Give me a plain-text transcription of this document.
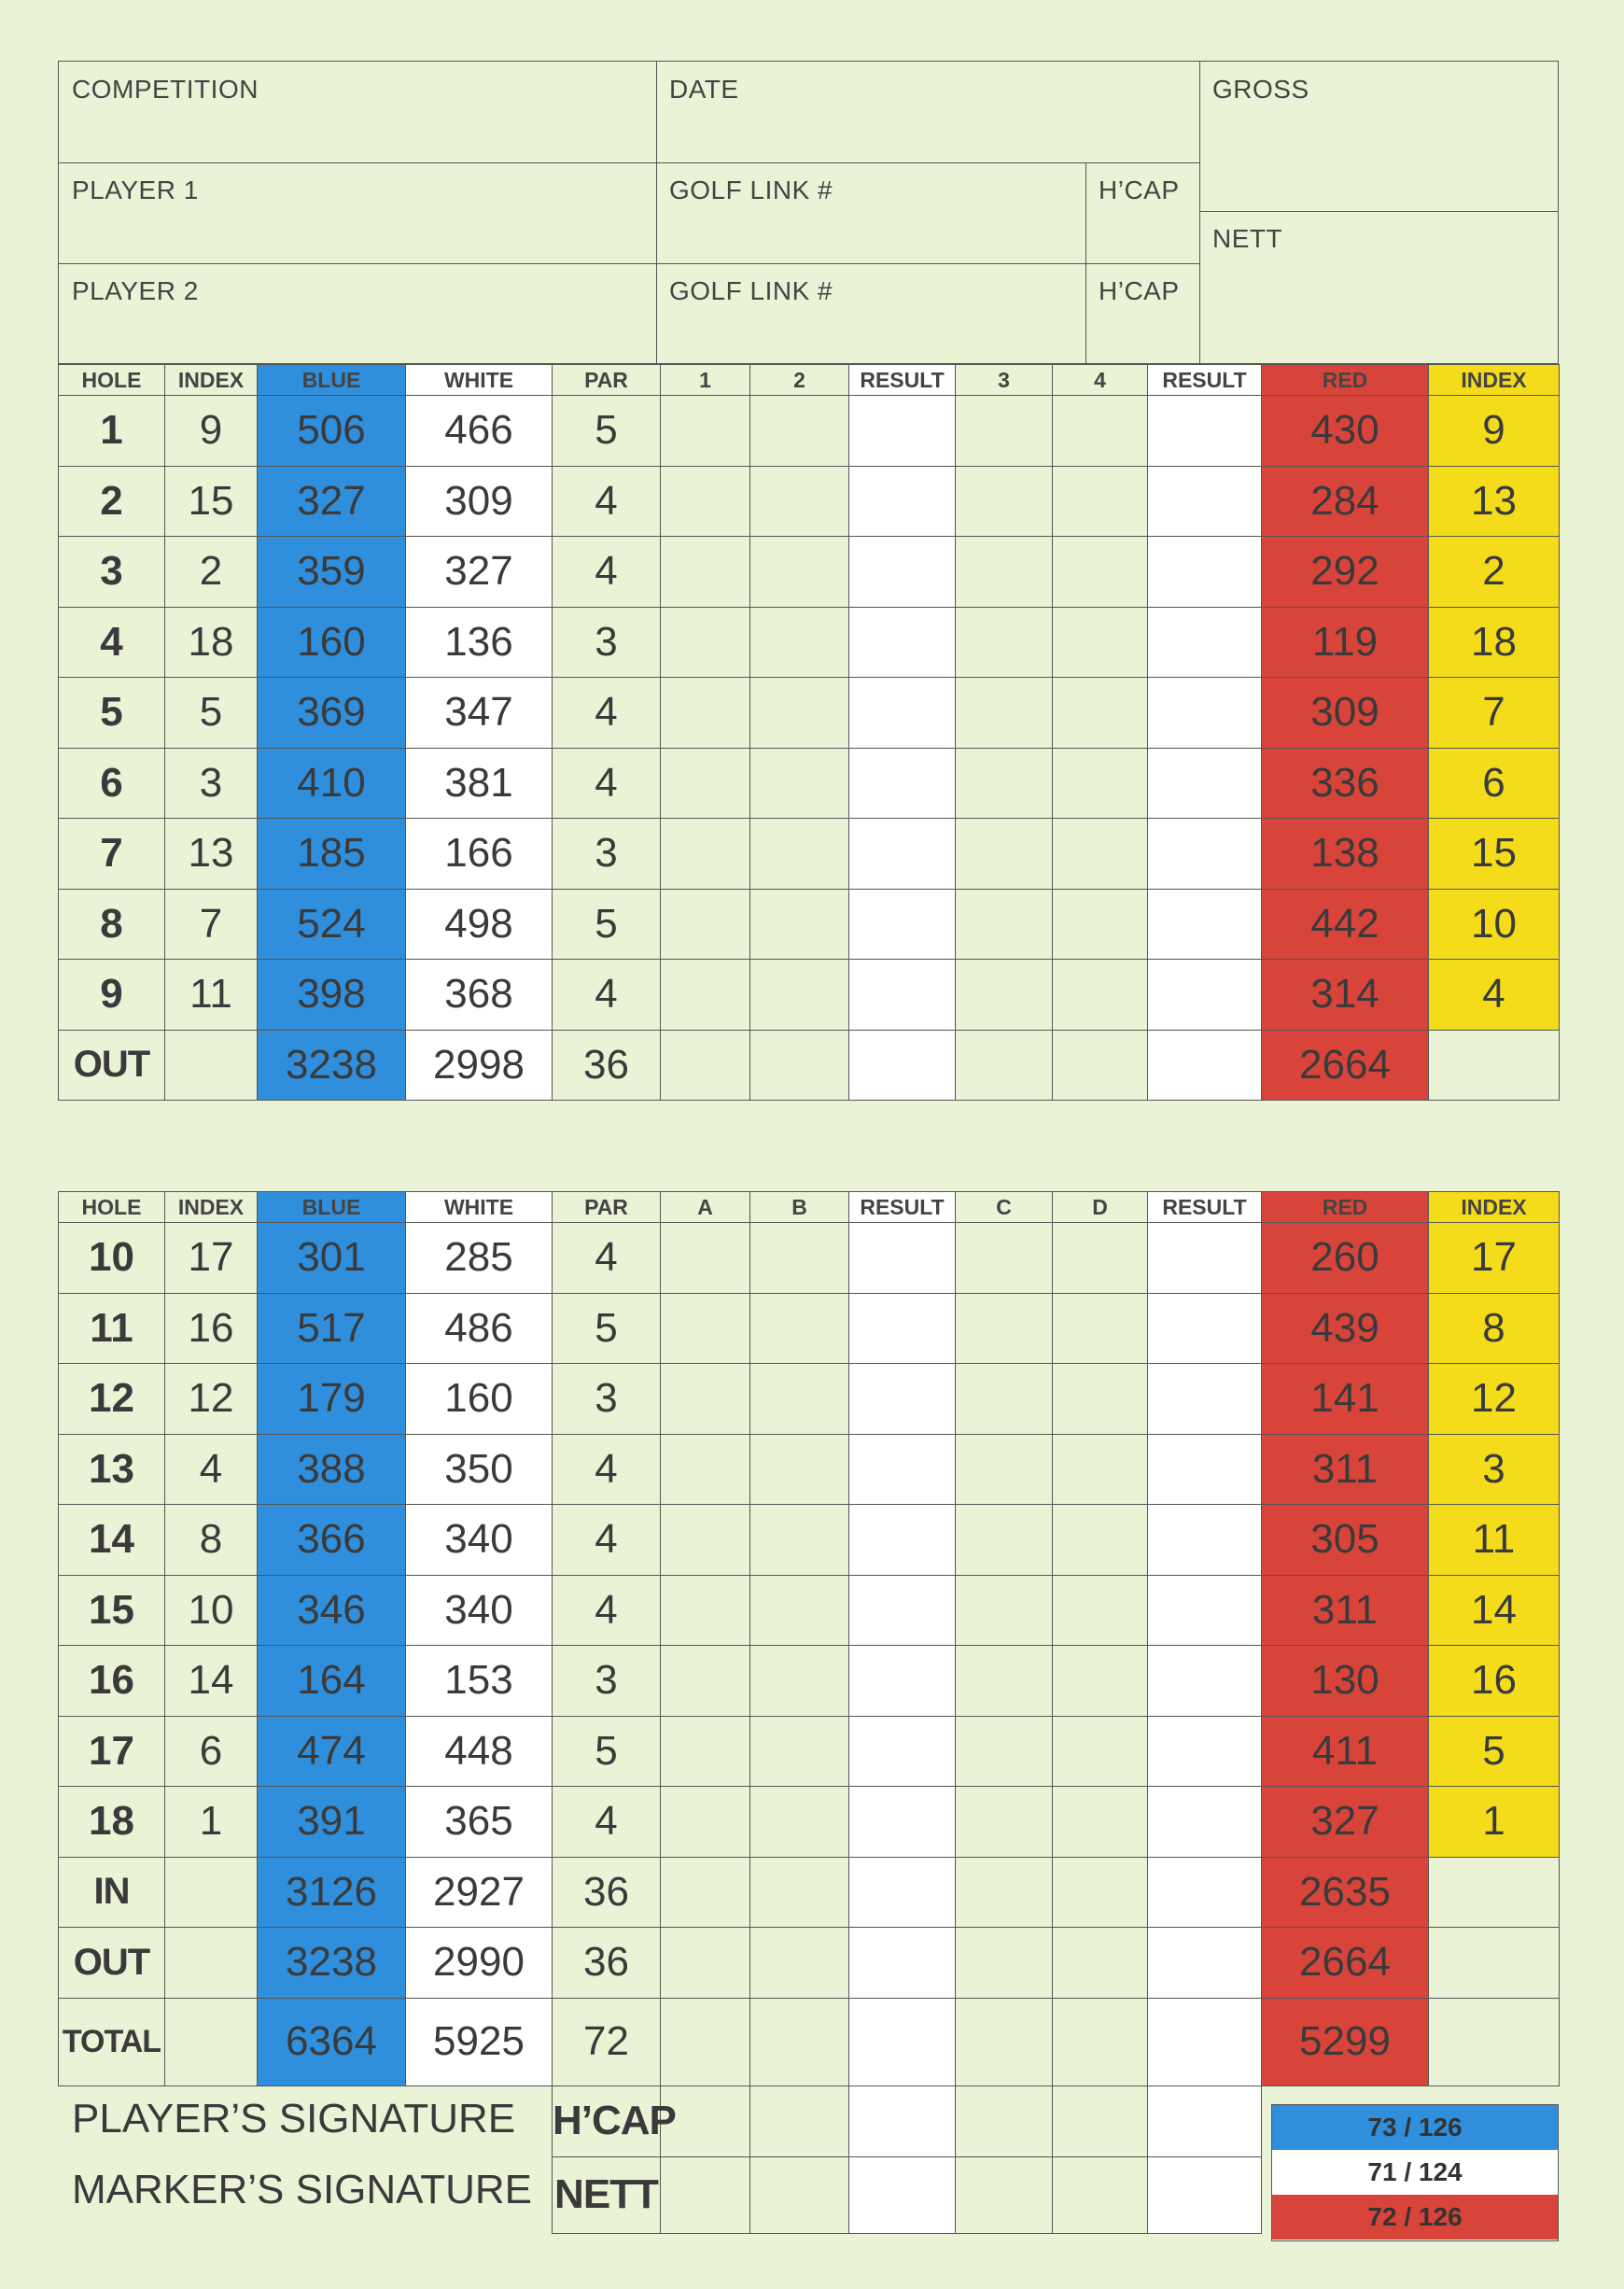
COMPETITION	DATE	GROSS
PLAYER 1	GOLF LINK #	H’CAP
NETT
PLAYER 2	GOLF LINK #	H’CAP
HOLE	INDEX	BLUE	WHITE	PAR	1	2	RESULT	3	4	RESULT	RED	INDEX
1	9	506	466	5							430	9
2	15	327	309	4							284	13
3	2	359	327	4							292	2
4	18	160	136	3							119	18
5	5	369	347	4							309	7
6	3	410	381	4							336	6
7	13	185	166	3							138	15
8	7	524	498	5							442	10
9	11	398	368	4							314	4
OUT		3238	2998	36							2664	
HOLE	INDEX	BLUE	WHITE	PAR	A	B	RESULT	C	D	RESULT	RED	INDEX
10	17	301	285	4							260	17
11	16	517	486	5							439	8
12	12	179	160	3							141	12
13	4	388	350	4							311	3
14	8	366	340	4							305	11
15	10	346	340	4							311	14
16	14	164	153	3							130	16
17	6	474	448	5							411	5
18	1	391	365	4							327	1
IN		3126	2927	36							2635	
OUT		3238	2990	36							2664	
TOTAL		6364	5925	72							5299	
PLAYER’S SIGNATURE				H’CAP								
MARKER’S SIGNATURE				NETT								
73 / 126
71 / 124
72 / 126
